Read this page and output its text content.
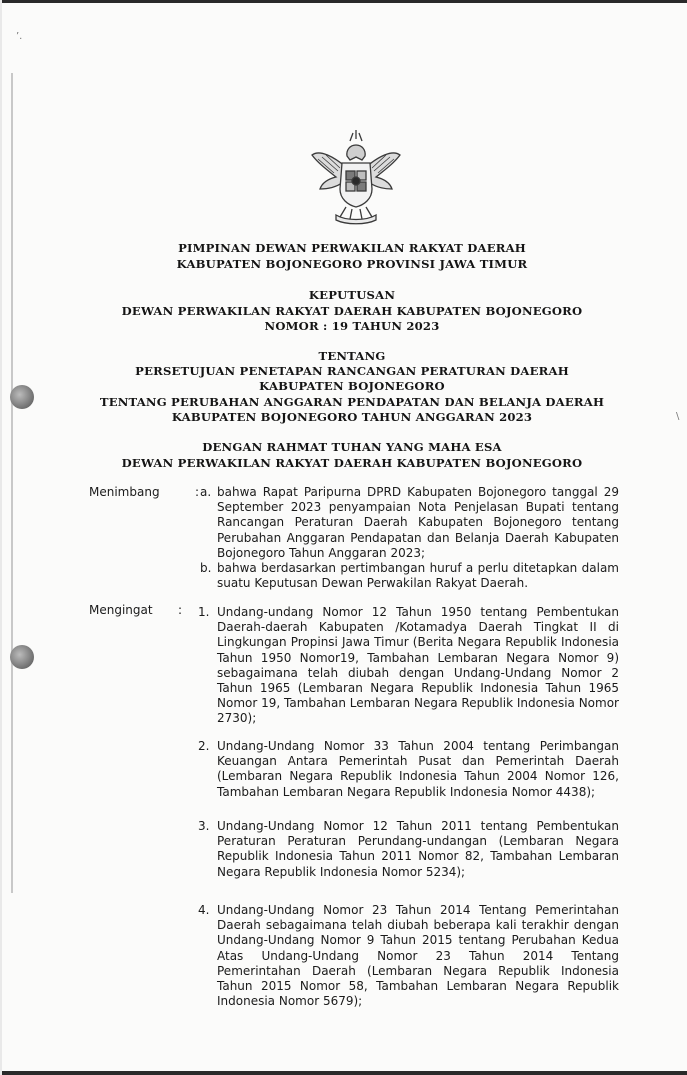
’.
\
PIMPINAN DEWAN PERWAKILAN RAKYAT DAERAH
KABUPATEN BOJONEGORO PROVINSI JAWA TIMUR
KEPUTUSAN
DEWAN PERWAKILAN RAKYAT DAERAH KABUPATEN BOJONEGORO
NOMOR : 19 TAHUN 2023
TENTANG
PERSETUJUAN PENETAPAN RANCANGAN PERATURAN DAERAH
KABUPATEN BOJONEGORO
TENTANG PERUBAHAN ANGGARAN PENDAPATAN DAN BELANJA DAERAH
KABUPATEN BOJONEGORO TAHUN ANGGARAN 2023
DENGAN RAHMAT TUHAN YANG MAHA ESA
DEWAN PERWAKILAN RAKYAT DAERAH KABUPATEN BOJONEGORO
Menimbang	: a. bahwa Rapat Paripurna DPRD Kabupaten Bojonegoro tanggal 29 September 2023 penyampaian Nota Penjelasan Bupati tentang Rancangan Peraturan Daerah Kabupaten Bojonegoro tentang Perubahan Anggaran Pendapatan dan Belanja Daerah Kabupaten Bojonegoro Tahun Anggaran 2023;
b. bahwa berdasarkan pertimbangan huruf a perlu ditetapkan dalam suatu Keputusan Dewan Perwakilan Rakyat Daerah.
Mengingat : 1. Undang-undang Nomor 12 Tahun 1950 tentang Pembentukan Daerah-daerah Kabupaten /Kotamadya Daerah Tingkat II di Lingkungan Propinsi Jawa Timur (Berita Negara Republik Indonesia Tahun 1950 Nomor19, Tambahan Lembaran Negara Nomor 9) sebagaimana telah diubah dengan Undang-Undang Nomor 2 Tahun 1965 (Lembaran Negara Republik Indonesia Tahun 1965 Nomor 19, Tambahan Lembaran Negara Republik Indonesia Nomor 2730);
2. Undang-Undang Nomor 33 Tahun 2004 tentang Perimbangan Keuangan Antara Pemerintah Pusat dan Pemerintah Daerah (Lembaran Negara Republik Indonesia Tahun 2004 Nomor 126, Tambahan Lembaran Negara Republik Indonesia Nomor 4438);
3. Undang-Undang Nomor 12 Tahun 2011 tentang Pembentukan Peraturan Peraturan Perundang-undangan (Lembaran Negara Republik Indonesia Tahun 2011 Nomor 82, Tambahan Lembaran Negara Republik Indonesia Nomor 5234);
4. Undang-Undang Nomor 23 Tahun 2014 Tentang Pemerintahan Daerah sebagaimana telah diubah beberapa kali terakhir dengan Undang-Undang Nomor 9 Tahun 2015 tentang Perubahan Kedua Atas Undang-Undang Nomor 23 Tahun 2014 Tentang Pemerintahan Daerah (Lembaran Negara Republik Indonesia Tahun 2015 Nomor 58, Tambahan Lembaran Negara Republik Indonesia Nomor 5679);
